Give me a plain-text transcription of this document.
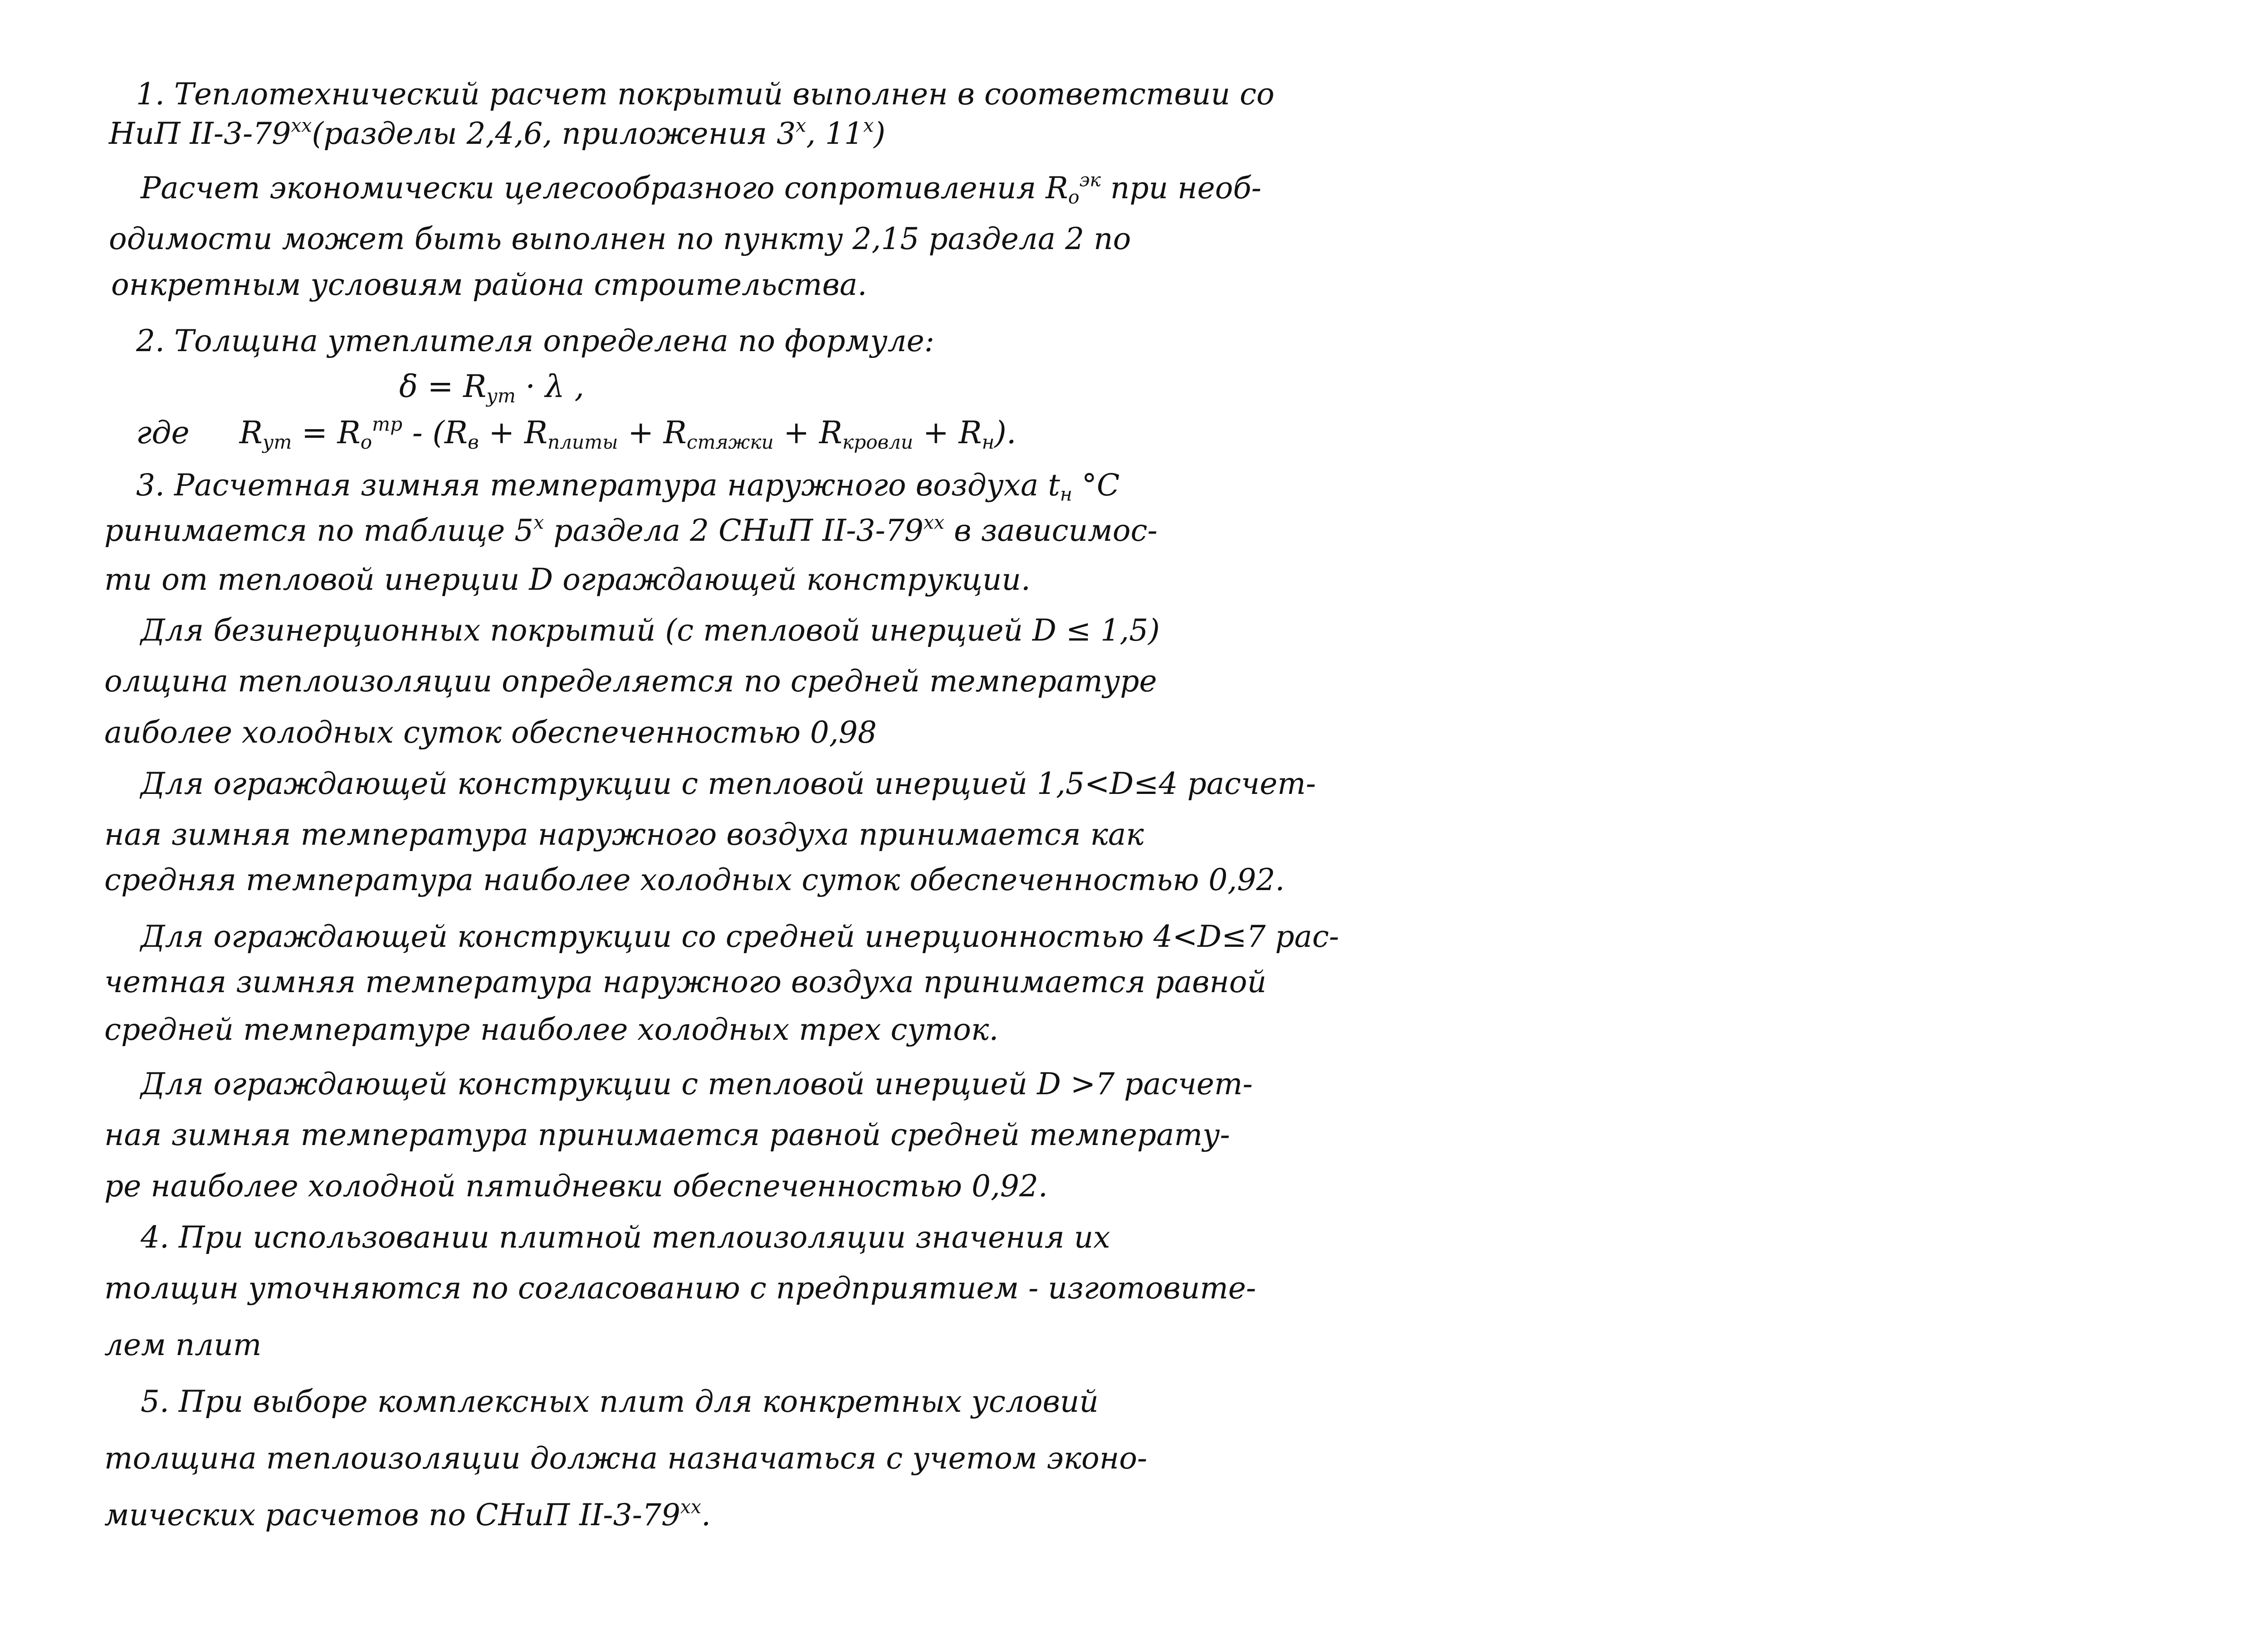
1. Теплотехнический расчет покрытий выполнен в соответствии со
НиП $II-3-79^{хх}(разделы$ 2,4,6, приложения $3^х$, $11^х$)
Расчет экономически целесообразного сопротивления $R_о^{эк}$ при необ-
одимости может быть выполнен по пункту 2,15 раздела 2 по
онкретным условиям района строительства.
2. Толщина утеплителя определена по формуле:
$\delta = R_{ут} \cdot \lambda$ ,
где $R_{ут} = R_о^{тр} - (R_в + R_{плиты} + R_{стяжки} + R_{кровли} + R_н)$.
3. Расчетная зимняя температура наружного воздуха $t_н$ °С
ринимается по таблице $5^х$ раздела 2 СНиП $II-3-79^{хх}$ в зависимос-
ти от тепловой инерции D ограждающей конструкции.
Для безинерционных покрытий (с тепловой инерцией D ≤ 1,5)
олщина теплоизоляции определяется по средней температуре
аиболее холодных суток обеспеченностью 0,98
Для ограждающей конструкции с тепловой инерцией 1,5<D≤4 расчет-
ная зимняя температура наружного воздуха принимается как
средняя температура наиболее холодных суток обеспеченностью 0,92.
Для ограждающей конструкции со средней инерционностью 4<D≤7 рас-
четная зимняя температура наружного воздуха принимается равной
средней температуре наиболее холодных трех суток.
Для ограждающей конструкции с тепловой инерцией D >7 расчет-
ная зимняя температура принимается равной средней температу-
ре наиболее холодной пятидневки обеспеченностью 0,92.
4. При использовании плитной теплоизоляции значения их
толщин уточняются по согласованию с предприятием - изготовите-
лем плит
5. При выборе комплексных плит для конкретных условий
толщина теплоизоляции должна назначаться с учетом эконо-
мических расчетов по СНиП $II-3-79^{хх}$.
